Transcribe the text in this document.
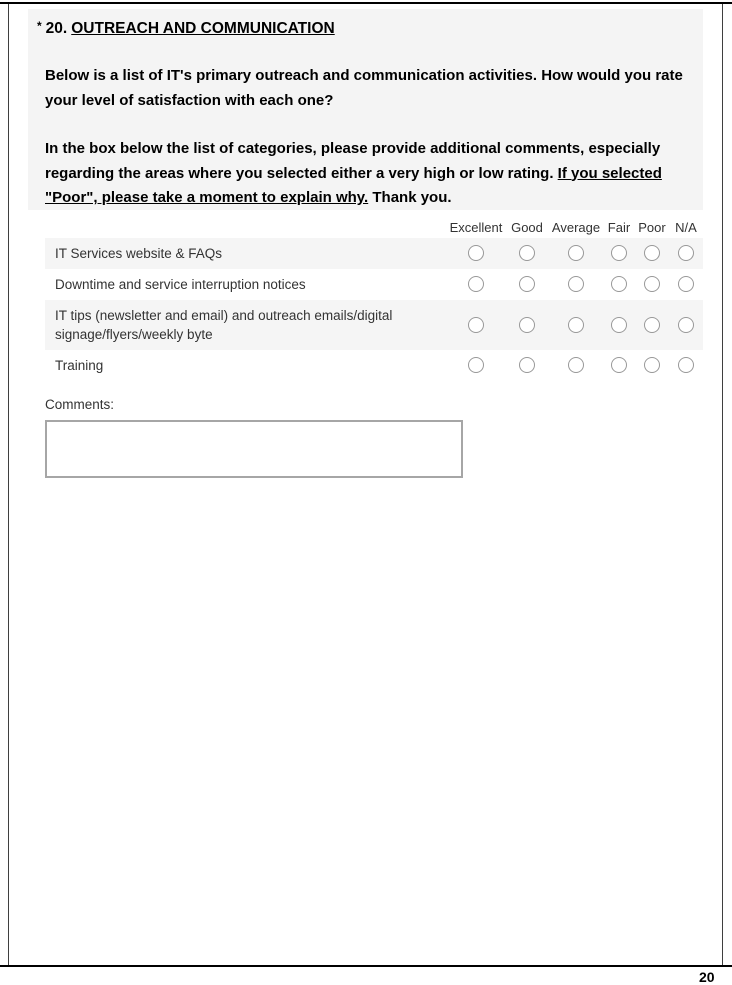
* 20. OUTREACH AND COMMUNICATION

Below is a list of IT's primary outreach and communication activities. How would you rate your level of satisfaction with each one?

In the box below the list of categories, please provide additional comments, especially regarding the areas where you selected either a very high or low rating. If you selected "Poor", please take a moment to explain why. Thank you.

	Excellent	Good	Average	Fair	Poor	N/A
IT Services website & FAQs						
Downtime and service interruption notices						
IT tips (newsletter and email) and outreach emails/digital signage/flyers/weekly byte						
Training						
Comments:
20
